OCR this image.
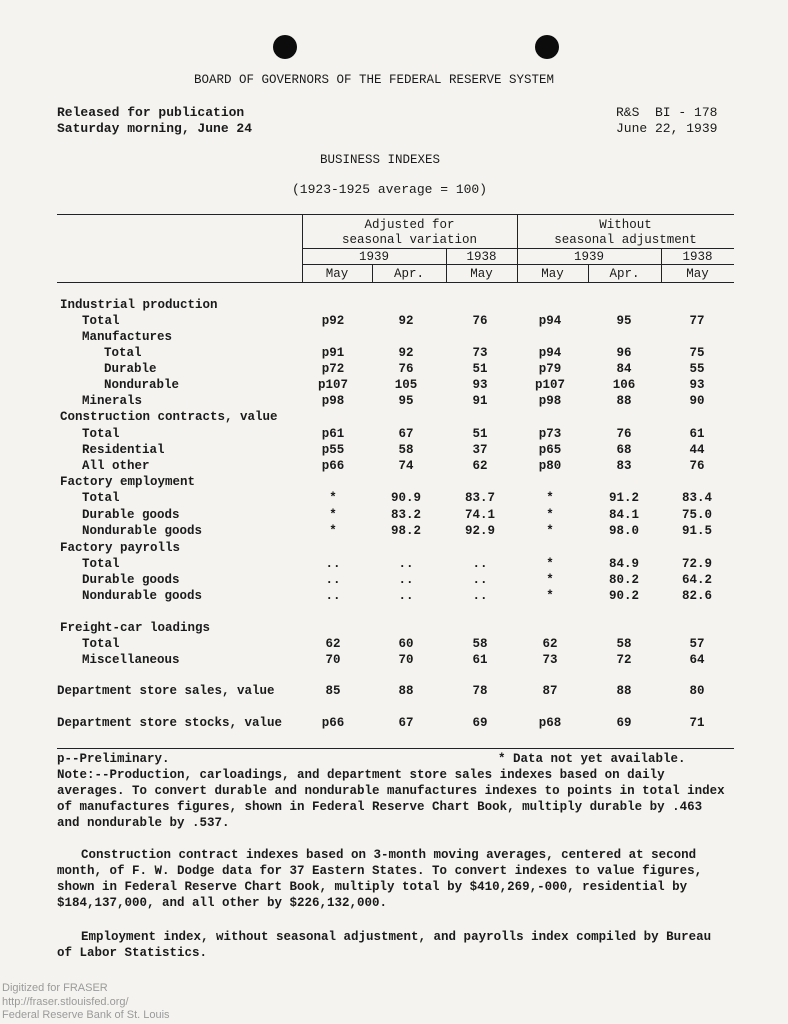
BOARD OF GOVERNORS OF THE FEDERAL RESERVE SYSTEM
Released for publication
Saturday morning, June 24
R&S  BI - 178
June 22, 1939
BUSINESS INDEXES
(1923-1925 average = 100)
Adjusted for
seasonal variation
Without
seasonal adjustment
1939	1938	1939	1938
May	Apr.	May	May	Apr.	May
Industrial production
Total	p92	92	76	p94	95	77
Manufactures
Total	p91	92	73	p94	96	75
Durable	p72	76	51	p79	84	55
Nondurable	p107	105	93	p107	106	93
Minerals	p98	95	91	p98	88	90
Construction contracts, value
Total	p61	67	51	p73	76	61
Residential	p55	58	37	p65	68	44
All other	p66	74	62	p80	83	76
Factory employment
Total	*	90.9	83.7	*	91.2	83.4
Durable goods	*	83.2	74.1	*	84.1	75.0
Nondurable goods	*	98.2	92.9	*	98.0	91.5
Factory payrolls
Total	..	..	..	*	84.9	72.9
Durable goods	..	..	..	*	80.2	64.2
Nondurable goods	..	..	..	*	90.2	82.6
Freight-car loadings
Total	62	60	58	62	58	57
Miscellaneous	70	70	61	73	72	64
Department store sales, value	85	88	78	87	88	80
Department store stocks, value	p66	67	69	p68	69	71
p--Preliminary.	* Data not yet available.
Note:--Production, carloadings, and department store sales indexes based on daily averages. To convert durable and nondurable manufactures indexes to points in total index of manufactures figures, shown in Federal Reserve Chart Book, multiply durable by .463 and nondurable by .537.
Construction contract indexes based on 3-month moving averages, centered at second month, of F. W. Dodge data for 37 Eastern States. To convert indexes to value figures, shown in Federal Reserve Chart Book, multiply total by $410,269,-000, residential by $184,137,000, and all other by $226,132,000.
Employment index, without seasonal adjustment, and payrolls index compiled by Bureau of Labor Statistics.
Digitized for FRASER
http://fraser.stlouisfed.org/
Federal Reserve Bank of St. Louis
